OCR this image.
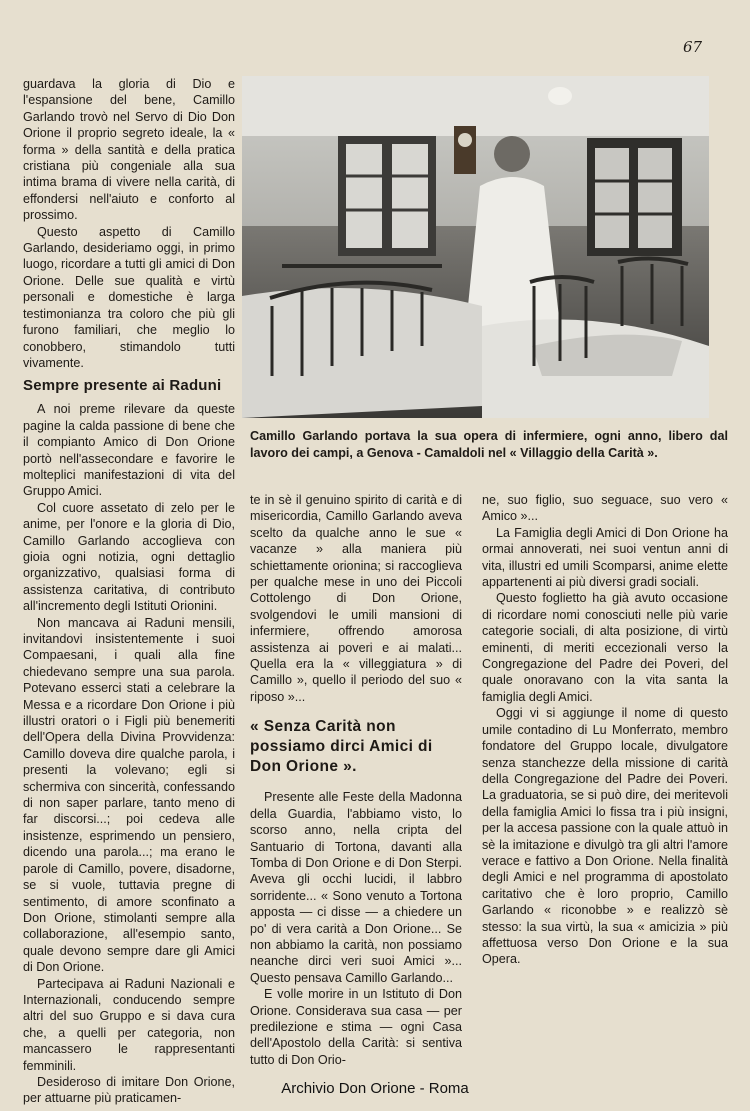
67

guardava la gloria di Dio e l'espansione del bene, Camillo Garlando trovò nel Servo di Dio Don Orione il proprio segreto ideale, la « forma » della santità e della pratica cristiana più congeniale alla sua intima brama di vivere nella carità, di effondersi nell'aiuto e conforto al prossimo.

Questo aspetto di Camillo Garlando, desideriamo oggi, in primo luogo, ricordare a tutti gli amici di Don Orione. Delle sue qualità e virtù personali e domestiche è larga testimonianza tra coloro che più gli furono familiari, che meglio lo conobbero, stimandolo tutti vivamente.

Sempre presente ai Raduni

A noi preme rilevare da queste pagine la calda passione di bene che il compianto Amico di Don Orione portò nell'assecondare e favorire le molteplici manifestazioni di vita del Gruppo Amici.

Col cuore assetato di zelo per le anime, per l'onore e la gloria di Dio, Camillo Garlando accoglieva con gioia ogni notizia, ogni dettaglio organizzativo, qualsiasi forma di assistenza caritativa, di contributo all'incremento degli Istituti Orionini.

Non mancava ai Raduni mensili, invitandovi insistentemente i suoi Compaesani, i quali alla fine chiedevano sempre una sua parola. Potevano esserci stati a celebrare la Messa e a ricordare Don Orione i più illustri oratori o i Figli più benemeriti dell'Opera della Divina Provvidenza: Camillo doveva dire qualche parola, i presenti la volevano; egli si schermiva con sincerità, confessando di non saper parlare, tanto meno di far discorsi...; poi cedeva alle insistenze, esprimendo un pensiero, dicendo una parola...; ma erano le parole di Camillo, povere, disadorne, se si vuole, tuttavia pregne di sentimento, di amore sconfinato a Don Orione, stimolanti sempre alla collaborazione, all'esempio santo, quale devono sempre dare gli Amici di Don Orione.

Partecipava ai Raduni Nazionali e Internazionali, conducendo sempre altri del suo Gruppo e si dava cura che, a quelli per categoria, non mancassero le rappresentanti femminili.

Desideroso di imitare Don Orione, per attuarne più praticamen-

Camillo Garlando portava la sua opera di infermiere, ogni anno, libero dal lavoro dei campi, a Genova - Camaldoli nel « Villaggio della Carità ».

te in sè il genuino spirito di carità e di misericordia, Camillo Garlando aveva scelto da qualche anno le sue « vacanze » alla maniera più schiettamente orionina; si raccoglieva per qualche mese in uno dei Piccoli Cottolengo di Don Orione, svolgendovi le umili mansioni di infermiere, offrendo amorosa assistenza ai poveri e ai malati... Quella era la « villeggiatura » di Camillo », quello il periodo del suo « riposo »...

« Senza Carità non possiamo dirci Amici di Don Orione ».

Presente alle Feste della Madonna della Guardia, l'abbiamo visto, lo scorso anno, nella cripta del Santuario di Tortona, davanti alla Tomba di Don Orione e di Don Sterpi. Aveva gli occhi lucidi, il labbro sorridente... « Sono venuto a Tortona apposta — ci disse — a chiedere un po' di vera carità a Don Orione... Se non abbiamo la carità, non possiamo neanche dirci veri suoi Amici »... Questo pensava Camillo Garlando...

E volle morire in un Istituto di Don Orione. Considerava sua casa — per predilezione e stima — ogni Casa dell'Apostolo della Carità: si sentiva tutto di Don Orio-

ne, suo figlio, suo seguace, suo vero « Amico »...

La Famiglia degli Amici di Don Orione ha ormai annoverati, nei suoi ventun anni di vita, illustri ed umili Scomparsi, anime elette appartenenti ai più diversi gradi sociali.

Questo foglietto ha già avuto occasione di ricordare nomi conosciuti nelle più varie categorie sociali, di alta posizione, di virtù eminenti, di meriti eccezionali verso la Congregazione del Padre dei Poveri, del quale onoravano con la vita santa la famiglia degli Amici.

Oggi vi si aggiunge il nome di questo umile contadino di Lu Monferrato, membro fondatore del Gruppo locale, divulgatore senza stanchezze della missione di carità della Congregazione del Padre dei Poveri. La graduatoria, se si può dire, dei meritevoli della famiglia Amici lo fissa tra i più insigni, per la accesa passione con la quale attuò in sè la imitazione e divulgò tra gli altri l'amore verace e fattivo a Don Orione. Nella finalità degli Amici e nel programma di apostolato caritativo che è loro proprio, Camillo Garlando « riconobbe » e realizzò sè stesso: la sua virtù, la sua « amicizia » più affettuosa verso Don Orione e la sua Opera.

Archivio Don Orione - Roma
